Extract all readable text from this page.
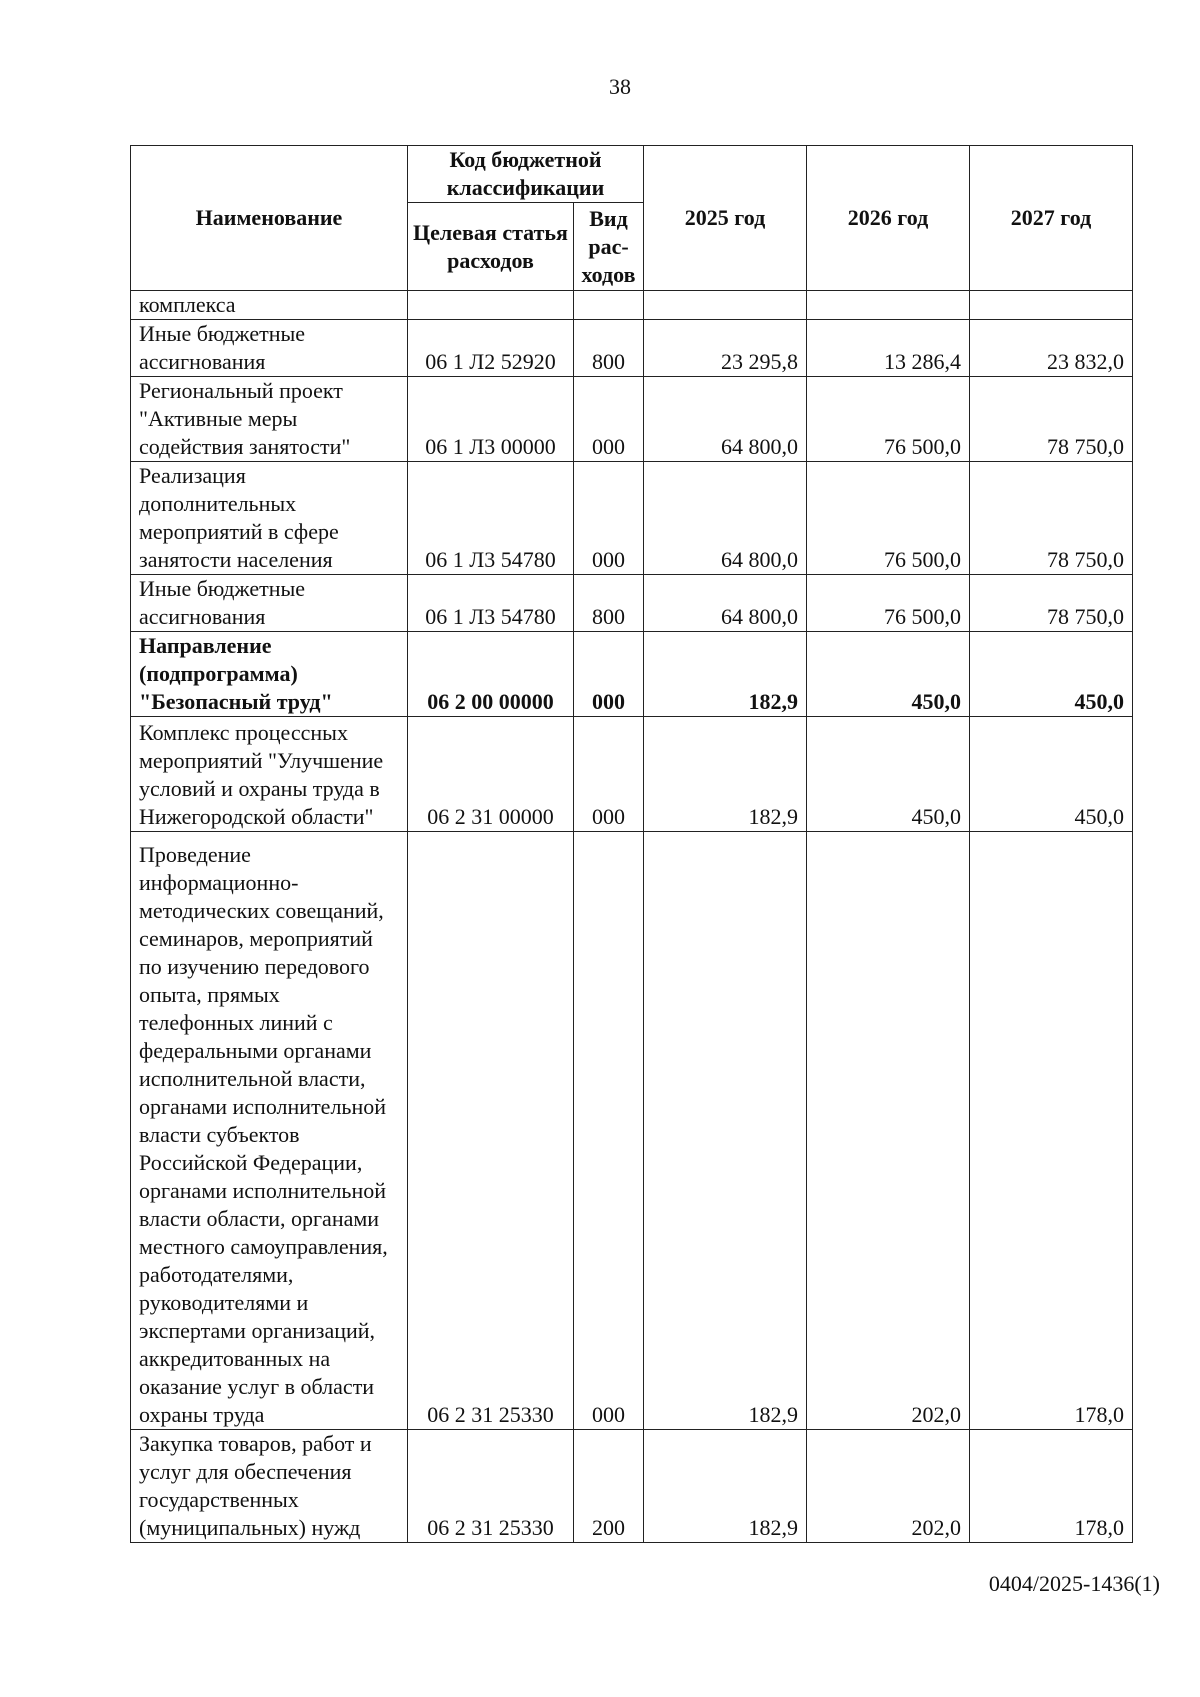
38
Наименование	Код бюджетной классификации		2025 год	2026 год	2027 год
	Целевая статья расходов	Вид рас-ходов			
комплекса					
Иные бюджетные ассигнования	06 1 Л2 52920	800	23 295,8	13 286,4	23 832,0
Региональный проект "Активные меры содействия занятости"	06 1 Л3 00000	000	64 800,0	76 500,0	78 750,0
Реализация дополнительных мероприятий в сфере занятости населения	06 1 Л3 54780	000	64 800,0	76 500,0	78 750,0
Иные бюджетные ассигнования	06 1 Л3 54780	800	64 800,0	76 500,0	78 750,0
Направление (подпрограмма) "Безопасный труд"	06 2 00 00000	000	182,9	450,0	450,0
Комплекс процессных мероприятий "Улучшение условий и охраны труда в Нижегородской области"	06 2 31 00000	000	182,9	450,0	450,0
Проведение информационно-методических совещаний, семинаров, мероприятий по изучению передового опыта, прямых телефонных линий с федеральными органами исполнительной власти, органами исполнительной власти субъектов Российской Федерации, органами исполнительной власти области, органами местного самоуправления, работодателями, руководителями и экспертами организаций, аккредитованных на оказание услуг в области охраны труда	06 2 31 25330	000	182,9	202,0	178,0
Закупка товаров, работ и услуг для обеспечения государственных (муниципальных) нужд	06 2 31 25330	200	182,9	202,0	178,0
0404/2025-1436(1)
